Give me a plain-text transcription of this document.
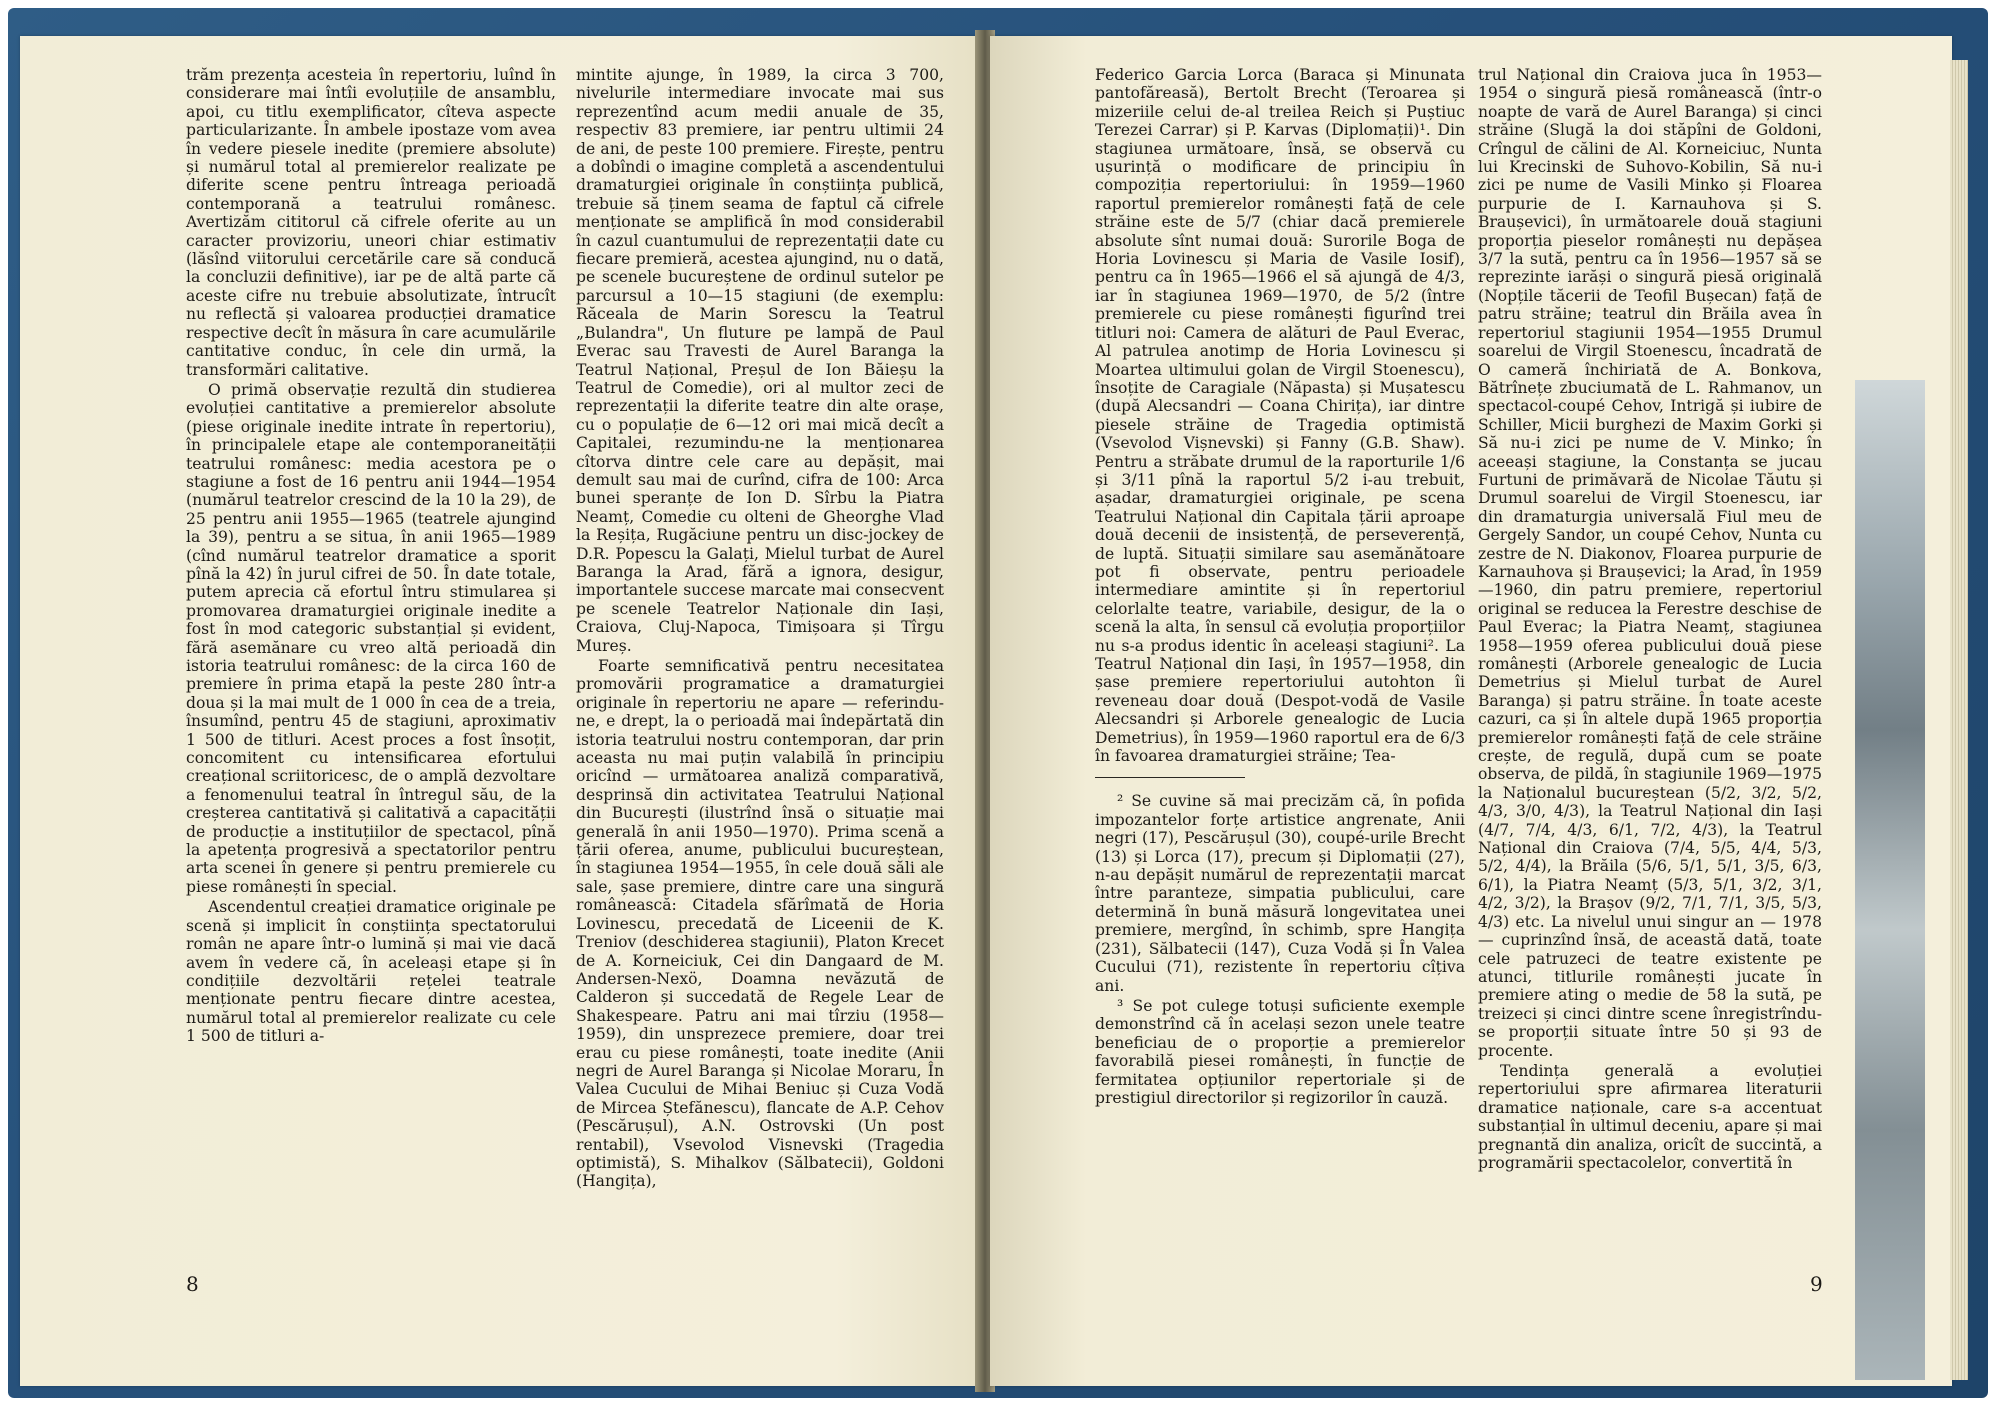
trăm prezența acesteia în repertoriu, luînd în considerare mai întîi evoluțiile de ansamblu, apoi, cu titlu exemplificator, cîteva aspecte particularizante. În ambele ipostaze vom avea în vedere piesele inedite (premiere absolute) și numărul total al premierelor realizate pe diferite scene pentru întreaga perioadă contemporană a teatrului românesc. Avertizăm cititorul că cifrele oferite au un caracter provizoriu, uneori chiar estimativ (lăsînd viitorului cercetările care să conducă la concluzii definitive), iar pe de altă parte că aceste cifre nu trebuie absolutizate, întrucît nu reflectă și valoarea producției dramatice respective decît în măsura în care acumulările cantitative conduc, în cele din urmă, la transformări calitative.

O primă observație rezultă din studierea evoluției cantitative a premierelor absolute (piese originale inedite intrate în repertoriu), în principalele etape ale contemporaneității teatrului românesc: media acestora pe o stagiune a fost de 16 pentru anii 1944—1954 (numărul teatrelor crescind de la 10 la 29), de 25 pentru anii 1955—1965 (teatrele ajungind la 39), pentru a se situa, în anii 1965—1989 (cînd numărul teatrelor dramatice a sporit pînă la 42) în jurul cifrei de 50. În date totale, putem aprecia că efortul întru stimularea și promovarea dramaturgiei originale inedite a fost în mod categoric substanțial și evident, fără asemănare cu vreo altă perioadă din istoria teatrului românesc: de la circa 160 de premiere în prima etapă la peste 280 într-a doua și la mai mult de 1 000 în cea de a treia, însumînd, pentru 45 de stagiuni, aproximativ 1 500 de titluri. Acest proces a fost însoțit, concomitent cu intensificarea efortului creațional scriitoricesc, de o amplă dezvoltare a fenomenului teatral în întregul său, de la creșterea cantitativă și calitativă a capacității de producție a instituțiilor de spectacol, pînă la apetența progresivă a spectatorilor pentru arta scenei în genere și pentru premierele cu piese românești în special.

Ascendentul creației dramatice originale pe scenă și implicit în conștiința spectatorului român ne apare într-o lumină și mai vie dacă avem în vedere că, în aceleași etape și în condițiile dezvoltării rețelei teatrale menționate pentru fiecare dintre acestea, numărul total al premierelor realizate cu cele 1 500 de titluri a-

mintite ajunge, în 1989, la circa 3 700, nivelurile intermediare invocate mai sus reprezentînd acum medii anuale de 35, respectiv 83 premiere, iar pentru ultimii 24 de ani, de peste 100 premiere. Firește, pentru a dobîndi o imagine completă a ascendentului dramaturgiei originale în conștiința publică, trebuie să ținem seama de faptul că cifrele menționate se amplifică în mod considerabil în cazul cuantumului de reprezentații date cu fiecare premieră, acestea ajungind, nu o dată, pe scenele bucureștene de ordinul sutelor pe parcursul a 10—15 stagiuni (de exemplu: Răceala de Marin Sorescu la Teatrul „Bulandra", Un fluture pe lampă de Paul Everac sau Travesti de Aurel Baranga la Teatrul Național, Preșul de Ion Băieșu la Teatrul de Comedie), ori al multor zeci de reprezentații la diferite teatre din alte orașe, cu o populație de 6—12 ori mai mică decît a Capitalei, rezumindu-ne la menționarea cîtorva dintre cele care au depășit, mai demult sau mai de curînd, cifra de 100: Arca bunei speranțe de Ion D. Sîrbu la Piatra Neamț, Comedie cu olteni de Gheorghe Vlad la Reșița, Rugăciune pentru un disc-jockey de D.R. Popescu la Galați, Mielul turbat de Aurel Baranga la Arad, fără a ignora, desigur, importantele succese marcate mai consecvent pe scenele Teatrelor Naționale din Iași, Craiova, Cluj-Napoca, Timișoara și Tîrgu Mureș.

Foarte semnificativă pentru necesitatea promovării programatice a dramaturgiei originale în repertoriu ne apare — referindu-ne, e drept, la o perioadă mai îndepărtată din istoria teatrului nostru contemporan, dar prin aceasta nu mai puțin valabilă în principiu oricînd — următoarea analiză comparativă, desprinsă din activitatea Teatrului Național din București (ilustrînd însă o situație mai generală în anii 1950—1970). Prima scenă a țării oferea, anume, publicului bucureștean, în stagiunea 1954—1955, în cele două săli ale sale, șase premiere, dintre care una singură românească: Citadela sfărîmată de Horia Lovinescu, precedată de Liceenii de K. Treniov (deschiderea stagiunii), Platon Krecet de A. Korneiciuk, Cei din Dangaard de M. Andersen-Nexö, Doamna nevăzută de Calderon și succedată de Regele Lear de Shakespeare. Patru ani mai tîrziu (1958—1959), din unsprezece premiere, doar trei erau cu piese românești, toate inedite (Anii negri de Aurel Baranga și Nicolae Moraru, În Valea Cucului de Mihai Beniuc și Cuza Vodă de Mircea Ștefănescu), flancate de A.P. Cehov (Pescărușul), A.N. Ostrovski (Un post rentabil), Vsevolod Visnevski (Tragedia optimistă), S. Mihalkov (Sălbatecii), Goldoni (Hangița),

8

Federico Garcia Lorca (Baraca și Minunata pantofăreasă), Bertolt Brecht (Teroarea și mizeriile celui de-al treilea Reich și Puștiuc Terezei Carrar) și P. Karvas (Diplomații)¹. Din stagiunea următoare, însă, se observă cu ușurință o modificare de principiu în compoziția repertoriului: în 1959—1960 raportul premierelor românești față de cele străine este de 5/7 (chiar dacă premierele absolute sînt numai două: Surorile Boga de Horia Lovinescu și Maria de Vasile Iosif), pentru ca în 1965—1966 el să ajungă de 4/3, iar în stagiunea 1969—1970, de 5/2 (între premierele cu piese românești figurînd trei titluri noi: Camera de alături de Paul Everac, Al patrulea anotimp de Horia Lovinescu și Moartea ultimului golan de Virgil Stoenescu), însoțite de Caragiale (Năpasta) și Mușatescu (după Alecsandri — Coana Chirița), iar dintre piesele străine de Tragedia optimistă (Vsevolod Vișnevski) și Fanny (G.B. Shaw). Pentru a străbate drumul de la raporturile 1/6 și 3/11 pînă la raportul 5/2 i-au trebuit, așadar, dramaturgiei originale, pe scena Teatrului Național din Capitala țării aproape două decenii de insistență, de perseverență, de luptă. Situații similare sau asemănătoare pot fi observate, pentru perioadele intermediare amintite și în repertoriul celorlalte teatre, variabile, desigur, de la o scenă la alta, în sensul că evoluția proporțiilor nu s-a produs identic în aceleași stagiuni². La Teatrul Național din Iași, în 1957—1958, din șase premiere repertoriului autohton îi reveneau doar două (Despot-vodă de Vasile Alecsandri și Arborele genealogic de Lucia Demetrius), în 1959—1960 raportul era de 6/3 în favoarea dramaturgiei străine; Tea-

² Se cuvine să mai precizăm că, în pofida impozantelor forțe artistice angrenate, Anii negri (17), Pescărușul (30), coupé-urile Brecht (13) și Lorca (17), precum și Diplomații (27), n-au depășit numărul de reprezentații marcat între paranteze, simpatia publicului, care determină în bună măsură longevitatea unei premiere, mergînd, în schimb, spre Hangița (231), Sălbatecii (147), Cuza Vodă și În Valea Cucului (71), rezistente în repertoriu cîțiva ani.

³ Se pot culege totuși suficiente exemple demonstrînd că în același sezon unele teatre beneficiau de o proporție a premierelor favorabilă piesei românești, în funcție de fermitatea opțiunilor repertoriale și de prestigiul directorilor și regizorilor în cauză.

trul Național din Craiova juca în 1953—1954 o singură piesă românească (într-o noapte de vară de Aurel Baranga) și cinci străine (Slugă la doi stăpîni de Goldoni, Crîngul de călini de Al. Korneiciuc, Nunta lui Krecinski de Suhovo-Kobilin, Să nu-i zici pe nume de Vasili Minko și Floarea purpurie de I. Karnauhova și S. Braușevici), în următoarele două stagiuni proporția pieselor românești nu depășea 3/7 la sută, pentru ca în 1956—1957 să se reprezinte iarăși o singură piesă originală (Nopțile tăcerii de Teofil Bușecan) față de patru străine; teatrul din Brăila avea în repertoriul stagiunii 1954—1955 Drumul soarelui de Virgil Stoenescu, încadrată de O cameră închiriată de A. Bonkova, Bătrînețe zbuciumată de L. Rahmanov, un spectacol-coupé Cehov, Intrigă și iubire de Schiller, Micii burghezi de Maxim Gorki și Să nu-i zici pe nume de V. Minko; în aceeași stagiune, la Constanța se jucau Furtuni de primăvară de Nicolae Tăutu și Drumul soarelui de Virgil Stoenescu, iar din dramaturgia universală Fiul meu de Gergely Sandor, un coupé Cehov, Nunta cu zestre de N. Diakonov, Floarea purpurie de Karnauhova și Braușevici; la Arad, în 1959—1960, din patru premiere, repertoriul original se reducea la Ferestre deschise de Paul Everac; la Piatra Neamț, stagiunea 1958—1959 oferea publicului două piese românești (Arborele genealogic de Lucia Demetrius și Mielul turbat de Aurel Baranga) și patru străine. În toate aceste cazuri, ca și în altele după 1965 proporția premierelor românești față de cele străine crește, de regulă, după cum se poate observa, de pildă, în stagiunile 1969—1975 la Naționalul bucureștean (5/2, 3/2, 5/2, 4/3, 3/0, 4/3), la Teatrul Național din Iași (4/7, 7/4, 4/3, 6/1, 7/2, 4/3), la Teatrul Național din Craiova (7/4, 5/5, 4/4, 5/3, 5/2, 4/4), la Brăila (5/6, 5/1, 5/1, 3/5, 6/3, 6/1), la Piatra Neamț (5/3, 5/1, 3/2, 3/1, 4/2, 3/2), la Brașov (9/2, 7/1, 7/1, 3/5, 5/3, 4/3) etc. La nivelul unui singur an — 1978 — cuprinzînd însă, de această dată, toate cele patruzeci de teatre existente pe atunci, titlurile românești jucate în premiere ating o medie de 58 la sută, pe treizeci și cinci dintre scene înregistrîndu-se proporții situate între 50 și 93 de procente.

Tendința generală a evoluției repertoriului spre afirmarea literaturii dramatice naționale, care s-a accentuat substanțial în ultimul deceniu, apare și mai pregnantă din analiza, oricît de succintă, a programării spectacolelor, convertită în

9
